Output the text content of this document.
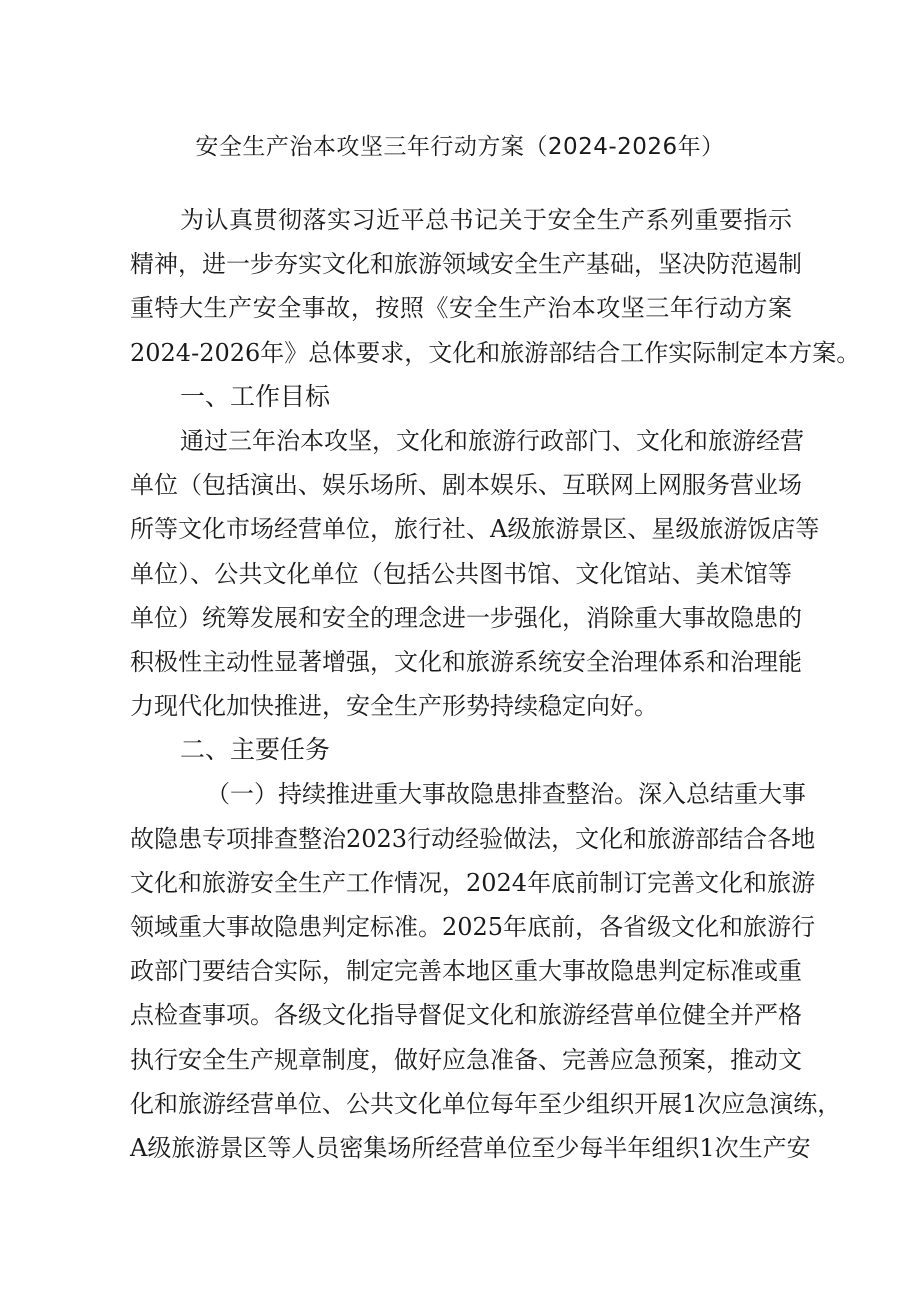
安全生产治本攻坚三年行动方案（2024-2026年）
为认真贯彻落实习近平总书记关于安全生产系列重要指示
精神，进一步夯实文化和旅游领域安全生产基础，坚决防范遏制
重特大生产安全事故，按照《安全生产治本攻坚三年行动方案
2024-2026年》总体要求，文化和旅游部结合工作实际制定本方案。
一、工作目标
通过三年治本攻坚，文化和旅游行政部门、文化和旅游经营
单位（包括演出、娱乐场所、剧本娱乐、互联网上网服务营业场
所等文化市场经营单位，旅行社、A级旅游景区、星级旅游饭店等
单位）、公共文化单位（包括公共图书馆、文化馆站、美术馆等
单位）统筹发展和安全的理念进一步强化，消除重大事故隐患的
积极性主动性显著增强，文化和旅游系统安全治理体系和治理能
力现代化加快推进，安全生产形势持续稳定向好。
二、主要任务
（一）持续推进重大事故隐患排查整治。深入总结重大事
故隐患专项排查整治2023行动经验做法，文化和旅游部结合各地
文化和旅游安全生产工作情况，2024年底前制订完善文化和旅游
领域重大事故隐患判定标准。2025年底前，各省级文化和旅游行
政部门要结合实际，制定完善本地区重大事故隐患判定标准或重
点检查事项。各级文化指导督促文化和旅游经营单位健全并严格
执行安全生产规章制度，做好应急准备、完善应急预案，推动文
化和旅游经营单位、公共文化单位每年至少组织开展1次应急演练，
A级旅游景区等人员密集场所经营单位至少每半年组织1次生产安
